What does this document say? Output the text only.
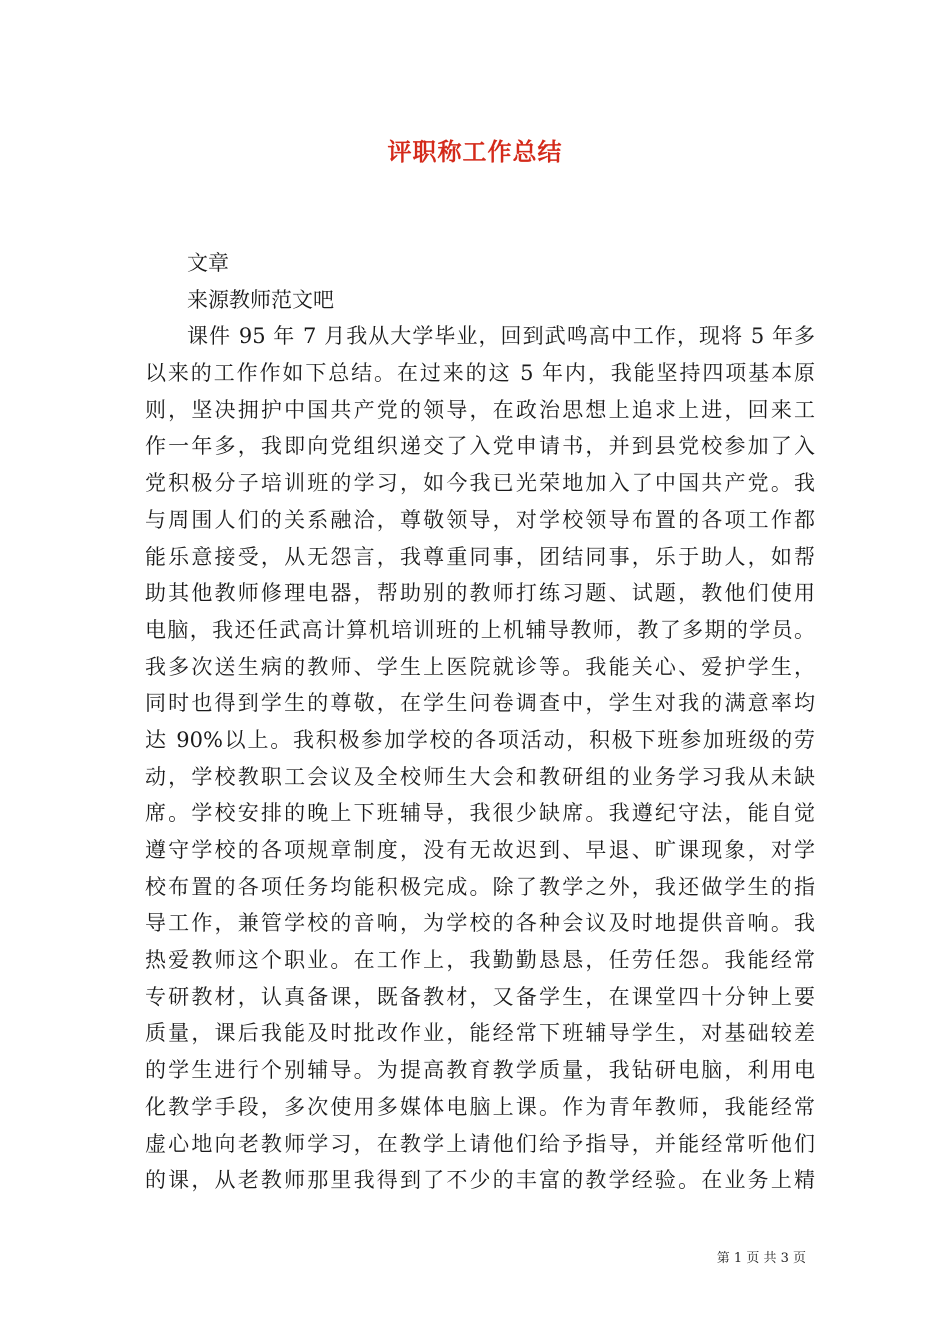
评职称工作总结
文章
来源教师范文吧
课件 95 年 7 月我从大学毕业，回到武鸣高中工作，现将 5 年多
以来的工作作如下总结。在过来的这 5 年内，我能坚持四项基本原
则，坚决拥护中国共产党的领导，在政治思想上追求上进，回来工
作一年多，我即向党组织递交了入党申请书，并到县党校参加了入
党积极分子培训班的学习，如今我已光荣地加入了中国共产党。我
与周围人们的关系融洽，尊敬领导，对学校领导布置的各项工作都
能乐意接受，从无怨言，我尊重同事，团结同事，乐于助人，如帮
助其他教师修理电器，帮助别的教师打练习题、试题，教他们使用
电脑，我还任武高计算机培训班的上机辅导教师，教了多期的学员。
我多次送生病的教师、学生上医院就诊等。我能关心、爱护学生，
同时也得到学生的尊敬，在学生问卷调查中，学生对我的满意率均
达 90%以上。我积极参加学校的各项活动，积极下班参加班级的劳
动，学校教职工会议及全校师生大会和教研组的业务学习我从未缺
席。学校安排的晚上下班辅导，我很少缺席。我遵纪守法，能自觉
遵守学校的各项规章制度，没有无故迟到、早退、旷课现象，对学
校布置的各项任务均能积极完成。除了教学之外，我还做学生的指
导工作，兼管学校的音响，为学校的各种会议及时地提供音响。我
热爱教师这个职业。在工作上，我勤勤恳恳，任劳任怨。我能经常
专研教材，认真备课，既备教材，又备学生，在课堂四十分钟上要
质量，课后我能及时批改作业，能经常下班辅导学生，对基础较差
的学生进行个别辅导。为提高教育教学质量，我钻研电脑，利用电
化教学手段，多次使用多媒体电脑上课。作为青年教师，我能经常
虚心地向老教师学习，在教学上请他们给予指导，并能经常听他们
的课，从老教师那里我得到了不少的丰富的教学经验。在业务上精
第 1 页 共 3 页
